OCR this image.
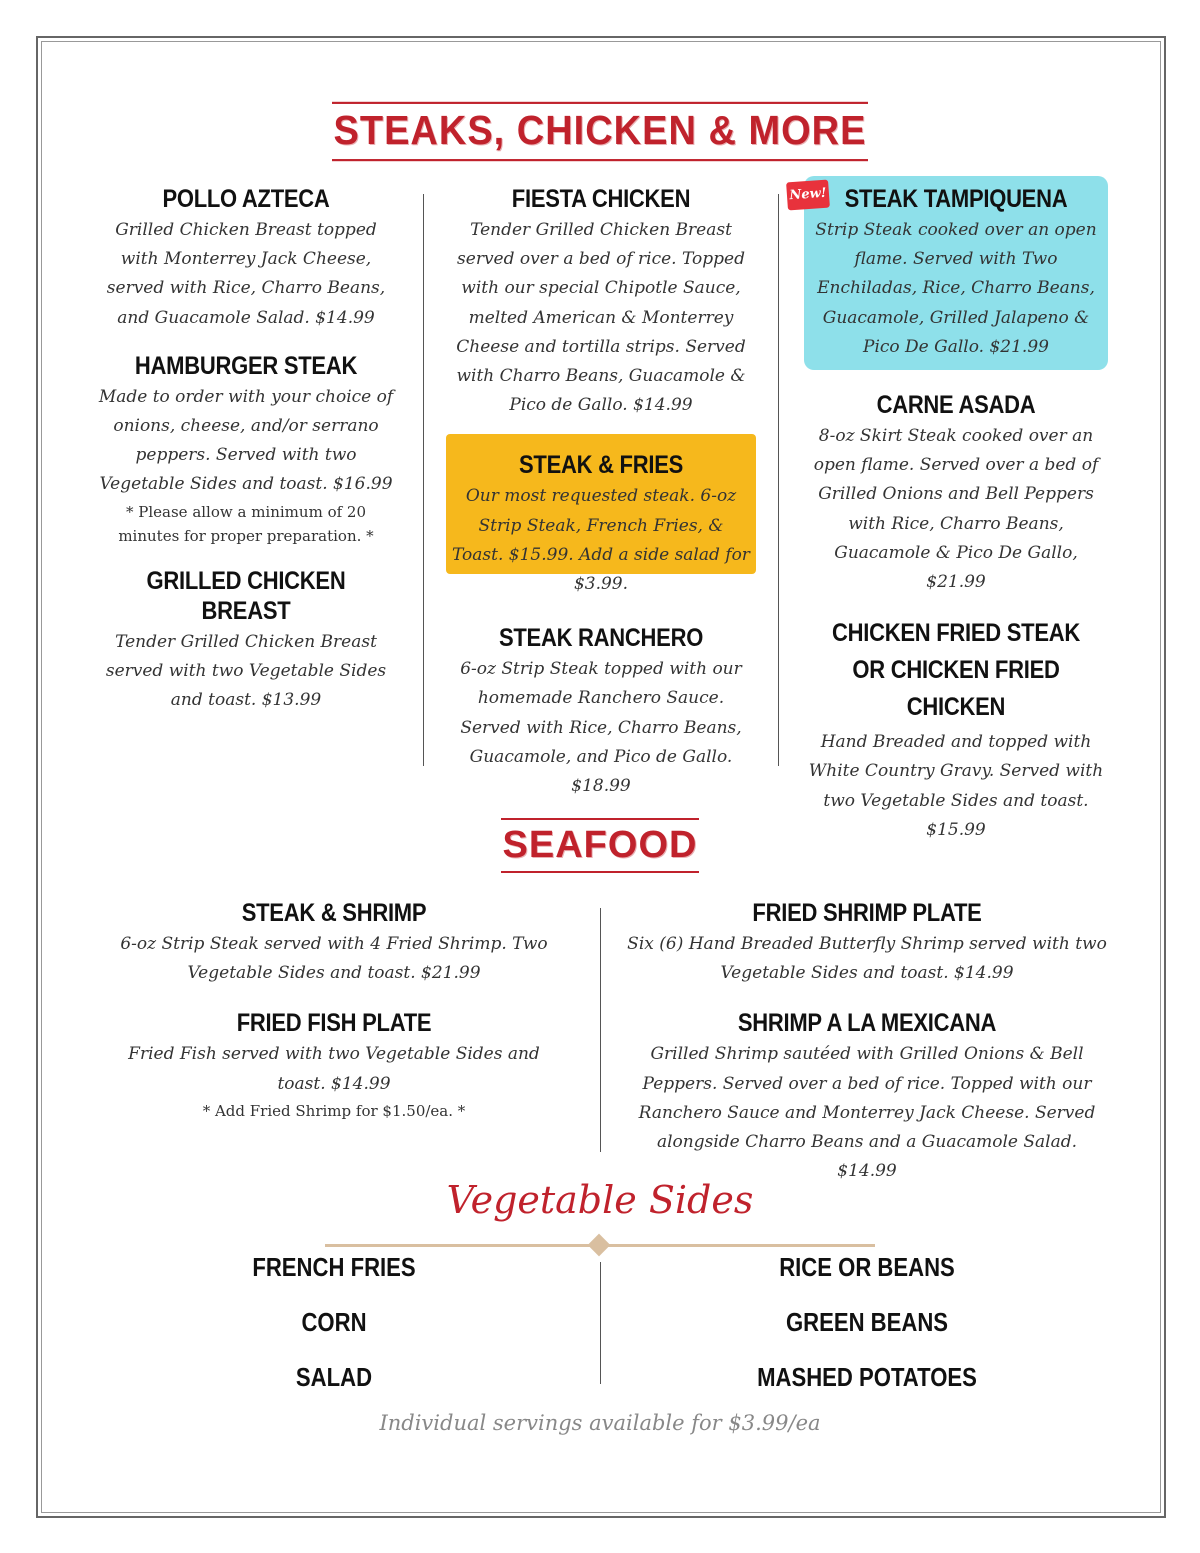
STEAKS, CHICKEN & MORE
New!
POLLO AZTECA
Grilled Chicken Breast topped with Monterrey Jack Cheese, served with Rice, Charro Beans, and Guacamole Salad. $14.99
HAMBURGER STEAK
Made to order with your choice of onions, cheese, and/or serrano peppers. Served with two Vegetable Sides and toast. $16.99
* Please allow a minimum of 20 minutes for proper preparation. *
GRILLED CHICKEN BREAST
Tender Grilled Chicken Breast served with two Vegetable Sides and toast. $13.99
FIESTA CHICKEN
Tender Grilled Chicken Breast served over a bed of rice. Topped with our special Chipotle Sauce, melted American & Monterrey Cheese and tortilla strips. Served with Charro Beans, Guacamole & Pico de Gallo. $14.99
STEAK & FRIES
Our most requested steak. 6-oz Strip Steak, French Fries, & Toast. $15.99. Add a side salad for $3.99.
STEAK RANCHERO
6-oz Strip Steak topped with our homemade Ranchero Sauce. Served with Rice, Charro Beans, Guacamole, and Pico de Gallo. $18.99
STEAK TAMPIQUENA
Strip Steak cooked over an open flame. Served with Two Enchiladas, Rice, Charro Beans, Guacamole, Grilled Jalapeno & Pico De Gallo. $21.99
CARNE ASADA
8-oz Skirt Steak cooked over an open flame. Served over a bed of Grilled Onions and Bell Peppers with Rice, Charro Beans, Guacamole & Pico De Gallo, $21.99
CHICKEN FRIED STEAK OR CHICKEN FRIED CHICKEN
Hand Breaded and topped with White Country Gravy. Served with two Vegetable Sides and toast. $15.99
SEAFOOD
STEAK & SHRIMP
6-oz Strip Steak served with 4 Fried Shrimp. Two Vegetable Sides and toast. $21.99
FRIED FISH PLATE
Fried Fish served with two Vegetable Sides and toast. $14.99
* Add Fried Shrimp for $1.50/ea. *
FRIED SHRIMP PLATE
Six (6) Hand Breaded Butterfly Shrimp served with two Vegetable Sides and toast. $14.99
SHRIMP A LA MEXICANA
Grilled Shrimp sautéed with Grilled Onions & Bell Peppers. Served over a bed of rice. Topped with our Ranchero Sauce and Monterrey Jack Cheese. Served alongside Charro Beans and a Guacamole Salad. $14.99
Vegetable Sides
FRENCH FRIES
CORN
SALAD
RICE OR BEANS
GREEN BEANS
MASHED POTATOES
Individual servings available for $3.99/ea
